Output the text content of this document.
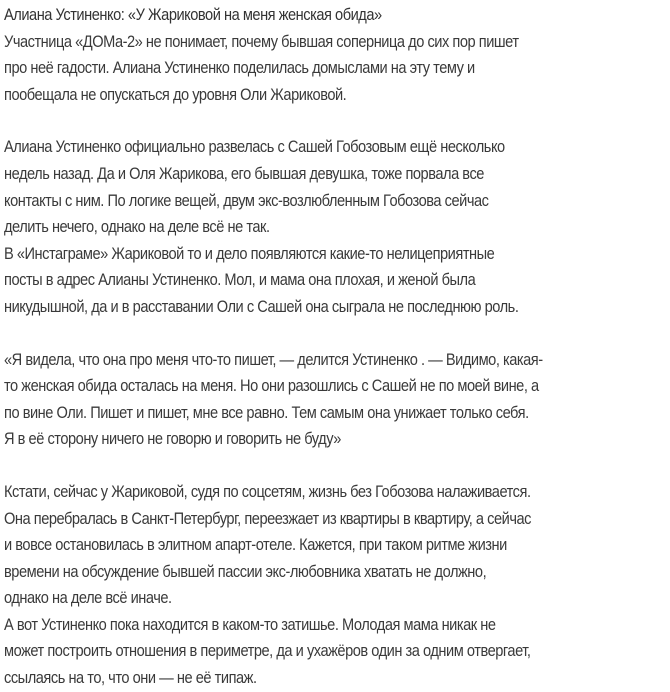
Алиана Устиненко: «У Жариковой на меня женская обида»
Участница «ДОМа-2» не понимает, почему бывшая соперница до сих пор пишет
про неё гадости. Алиана Устиненко поделилась домыслами на эту тему и
пообещала не опускаться до уровня Оли Жариковой.
Алиана Устиненко официально развелась с Сашей Гобозовым ещё несколько
недель назад. Да и Оля Жарикова, его бывшая девушка, тоже порвала все
контакты с ним. По логике вещей, двум экс-возлюбленным Гобозова сейчас
делить нечего, однако на деле всё не так.
В «Инстаграме» Жариковой то и дело появляются какие-то нелицеприятные
посты в адрес Алианы Устиненко. Мол, и мама она плохая, и женой была
никудышной, да и в расставании Оли с Сашей она сыграла не последнюю роль.
«Я видела, что она про меня что-то пишет, — делится Устиненко . — Видимо, какая-
то женская обида осталась на меня. Но они разошлись с Сашей не по моей вине, а
по вине Оли. Пишет и пишет, мне все равно. Тем самым она унижает только себя.
Я в её сторону ничего не говорю и говорить не буду»
Кстати, сейчас у Жариковой, судя по соцсетям, жизнь без Гобозова налаживается.
Она перебралась в Санкт-Петербург, переезжает из квартиры в квартиру, а сейчас
и вовсе остановилась в элитном апарт-отеле. Кажется, при таком ритме жизни
времени на обсуждение бывшей пассии экс-любовника хватать не должно,
однако на деле всё иначе.
А вот Устиненко пока находится в каком-то затишье. Молодая мама никак не
может построить отношения в периметре, да и ухажёров один за одним отвергает,
ссылаясь на то, что они — не её типаж.
